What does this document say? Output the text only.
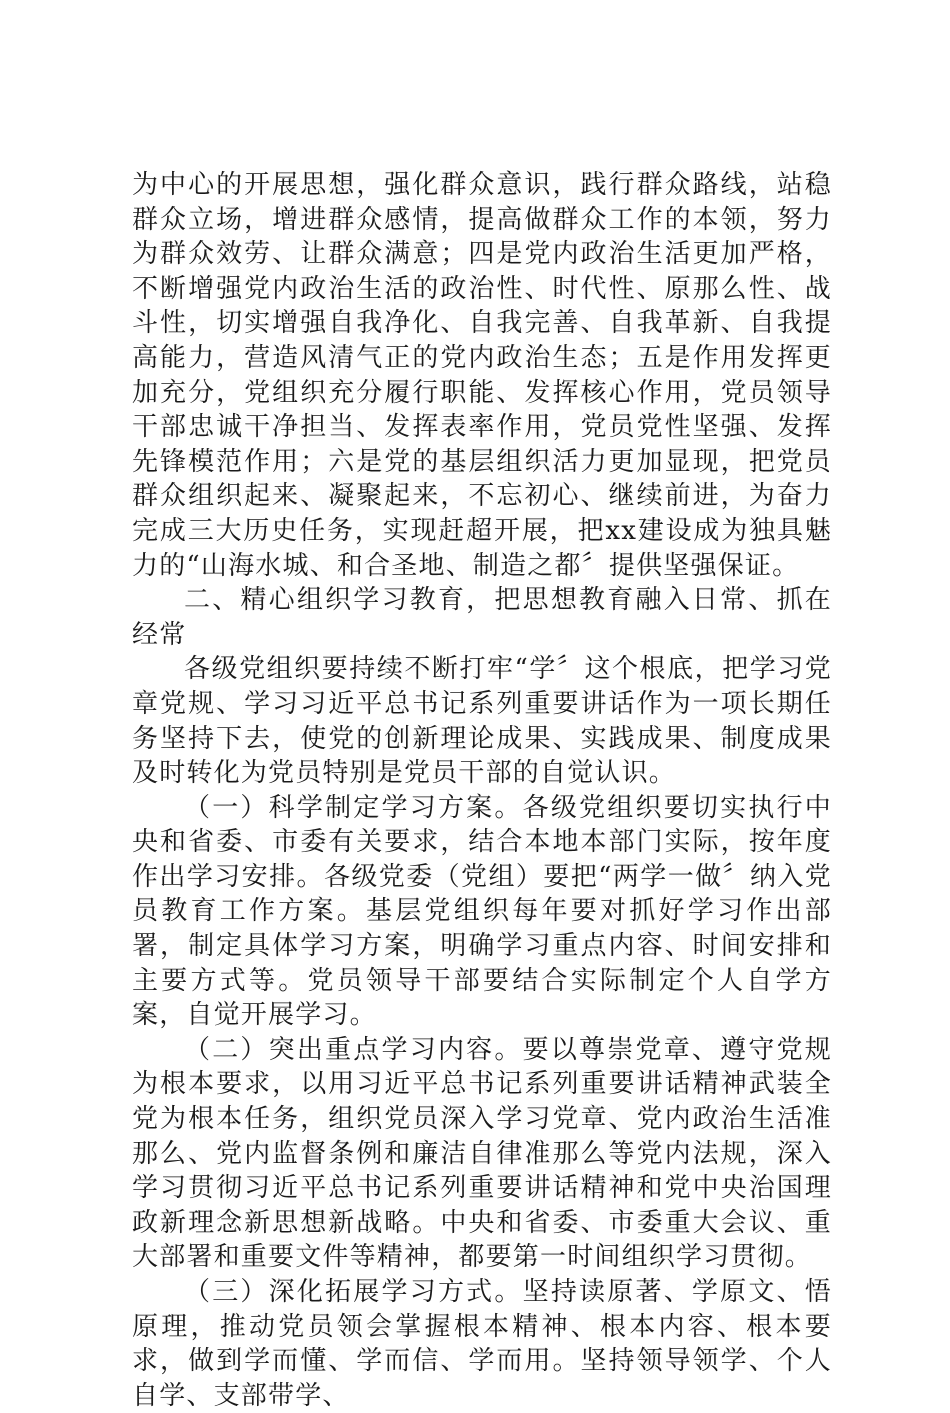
为中心的开展思想，强化群众意识，践行群众路线，站稳群众立场，增进群众感情，提高做群众工作的本领，努力为群众效劳、让群众满意；四是党内政治生活更加严格，不断增强党内政治生活的政治性、时代性、原那么性、战斗性，切实增强自我净化、自我完善、自我革新、自我提高能力，营造风清气正的党内政治生态；五是作用发挥更加充分，党组织充分履行职能、发挥核心作用，党员领导干部忠诚干净担当、发挥表率作用，党员党性坚强、发挥先锋模范作用；六是党的基层组织活力更加显现，把党员群众组织起来、凝聚起来，不忘初心、继续前进，为奋力完成三大历史任务，实现赶超开展，把xx建设成为独具魅力的“山海水城、和合圣地、制造之都〞提供坚强保证。

二、精心组织学习教育，把思想教育融入日常、抓在经常

各级党组织要持续不断打牢“学〞这个根底，把学习党章党规、学习习近平总书记系列重要讲话作为一项长期任务坚持下去，使党的创新理论成果、实践成果、制度成果及时转化为党员特别是党员干部的自觉认识。

（一）科学制定学习方案。各级党组织要切实执行中央和省委、市委有关要求，结合本地本部门实际，按年度作出学习安排。各级党委（党组）要把“两学一做〞纳入党员教育工作方案。基层党组织每年要对抓好学习作出部署，制定具体学习方案，明确学习重点内容、时间安排和主要方式等。党员领导干部要结合实际制定个人自学方案，自觉开展学习。

（二）突出重点学习内容。要以尊崇党章、遵守党规为根本要求，以用习近平总书记系列重要讲话精神武装全党为根本任务，组织党员深入学习党章、党内政治生活准那么、党内监督条例和廉洁自律准那么等党内法规，深入学习贯彻习近平总书记系列重要讲话精神和党中央治国理政新理念新思想新战略。中央和省委、市委重大会议、重大部署和重要文件等精神，都要第一时间组织学习贯彻。

（三）深化拓展学习方式。坚持读原著、学原文、悟原理，推动党员领会掌握根本精神、根本内容、根本要求，做到学而懂、学而信、学而用。坚持领导领学、个人自学、支部带学、
